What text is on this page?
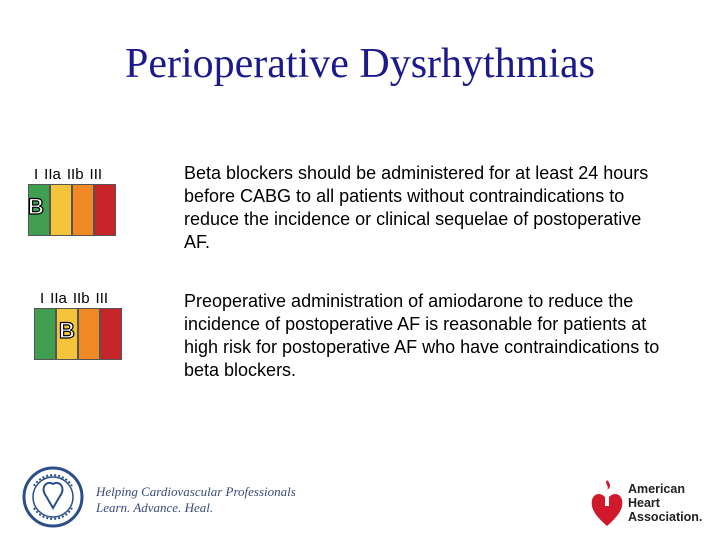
Perioperative Dysrhythmias
I IIa IIb III
B
Beta blockers should be administered for at least 24 hours before CABG to all patients without contraindications to reduce the incidence or clinical sequelae of postoperative AF.
I IIa IIb III
B
Preoperative administration of amiodarone to reduce the incidence of postoperative AF is reasonable for patients at high risk for postoperative AF who have contraindications to beta blockers.
Helping Cardiovascular Professionals
Learn. Advance. Heal.
American
Heart
Association.
